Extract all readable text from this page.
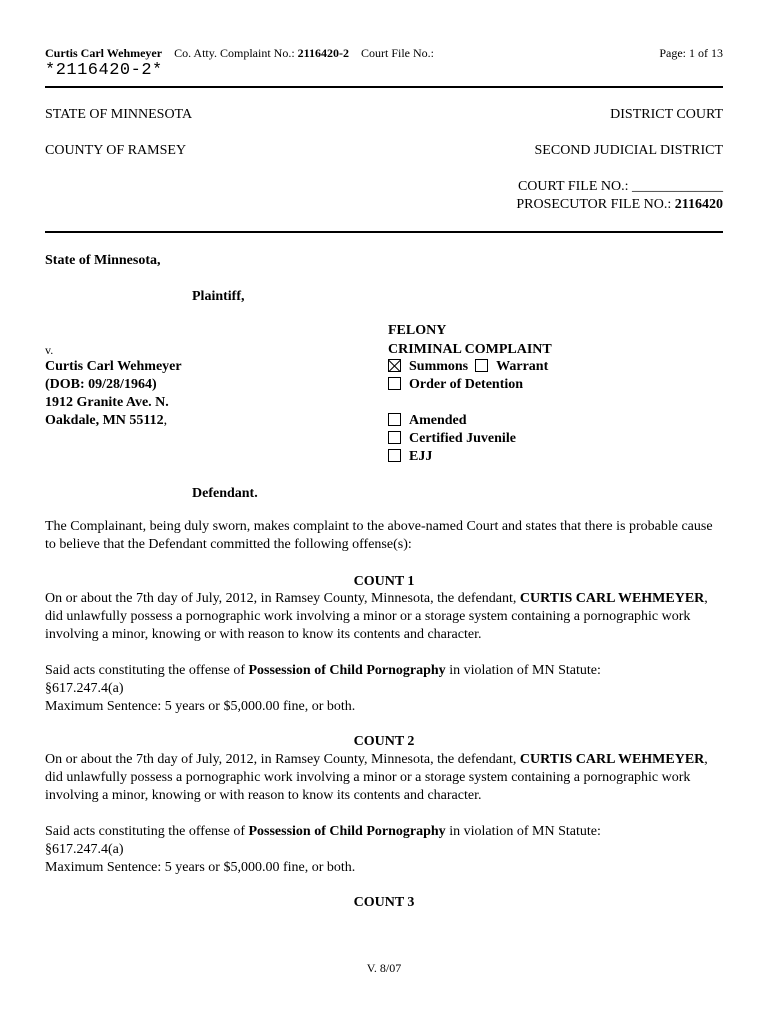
Curtis Carl Wehmeyer Co. Atty. Complaint No.: 2116420-2 Court File No.:	Page: 1 of 13
*2116420-2*
STATE OF MINNESOTA	DISTRICT COURT
COUNTY OF RAMSEY	SECOND JUDICIAL DISTRICT
COURT FILE NO.: _____________
PROSECUTOR FILE NO.: 2116420
State of Minnesota,
Plaintiff,
v.
Curtis Carl Wehmeyer
(DOB: 09/28/1964)
1912 Granite Ave. N.
Oakdale, MN 55112,
Defendant.
FELONY
CRIMINAL COMPLAINT
Summons Warrant
Order of Detention
Amended
Certified Juvenile
EJJ
The Complainant, being duly sworn, makes complaint to the above-named Court and states that there is probable cause to believe that the Defendant committed the following offense(s):
COUNT 1
On or about the 7th day of July, 2012, in Ramsey County, Minnesota, the defendant, CURTIS CARL WEHMEYER, did unlawfully possess a pornographic work involving a minor or a storage system containing a pornographic work involving a minor, knowing or with reason to know its contents and character.
Said acts constituting the offense of Possession of Child Pornography in violation of MN Statute:
§617.247.4(a)
Maximum Sentence: 5 years or $5,000.00 fine, or both.
COUNT 2
On or about the 7th day of July, 2012, in Ramsey County, Minnesota, the defendant, CURTIS CARL WEHMEYER, did unlawfully possess a pornographic work involving a minor or a storage system containing a pornographic work involving a minor, knowing or with reason to know its contents and character.
Said acts constituting the offense of Possession of Child Pornography in violation of MN Statute:
§617.247.4(a)
Maximum Sentence: 5 years or $5,000.00 fine, or both.
COUNT 3
V. 8/07
